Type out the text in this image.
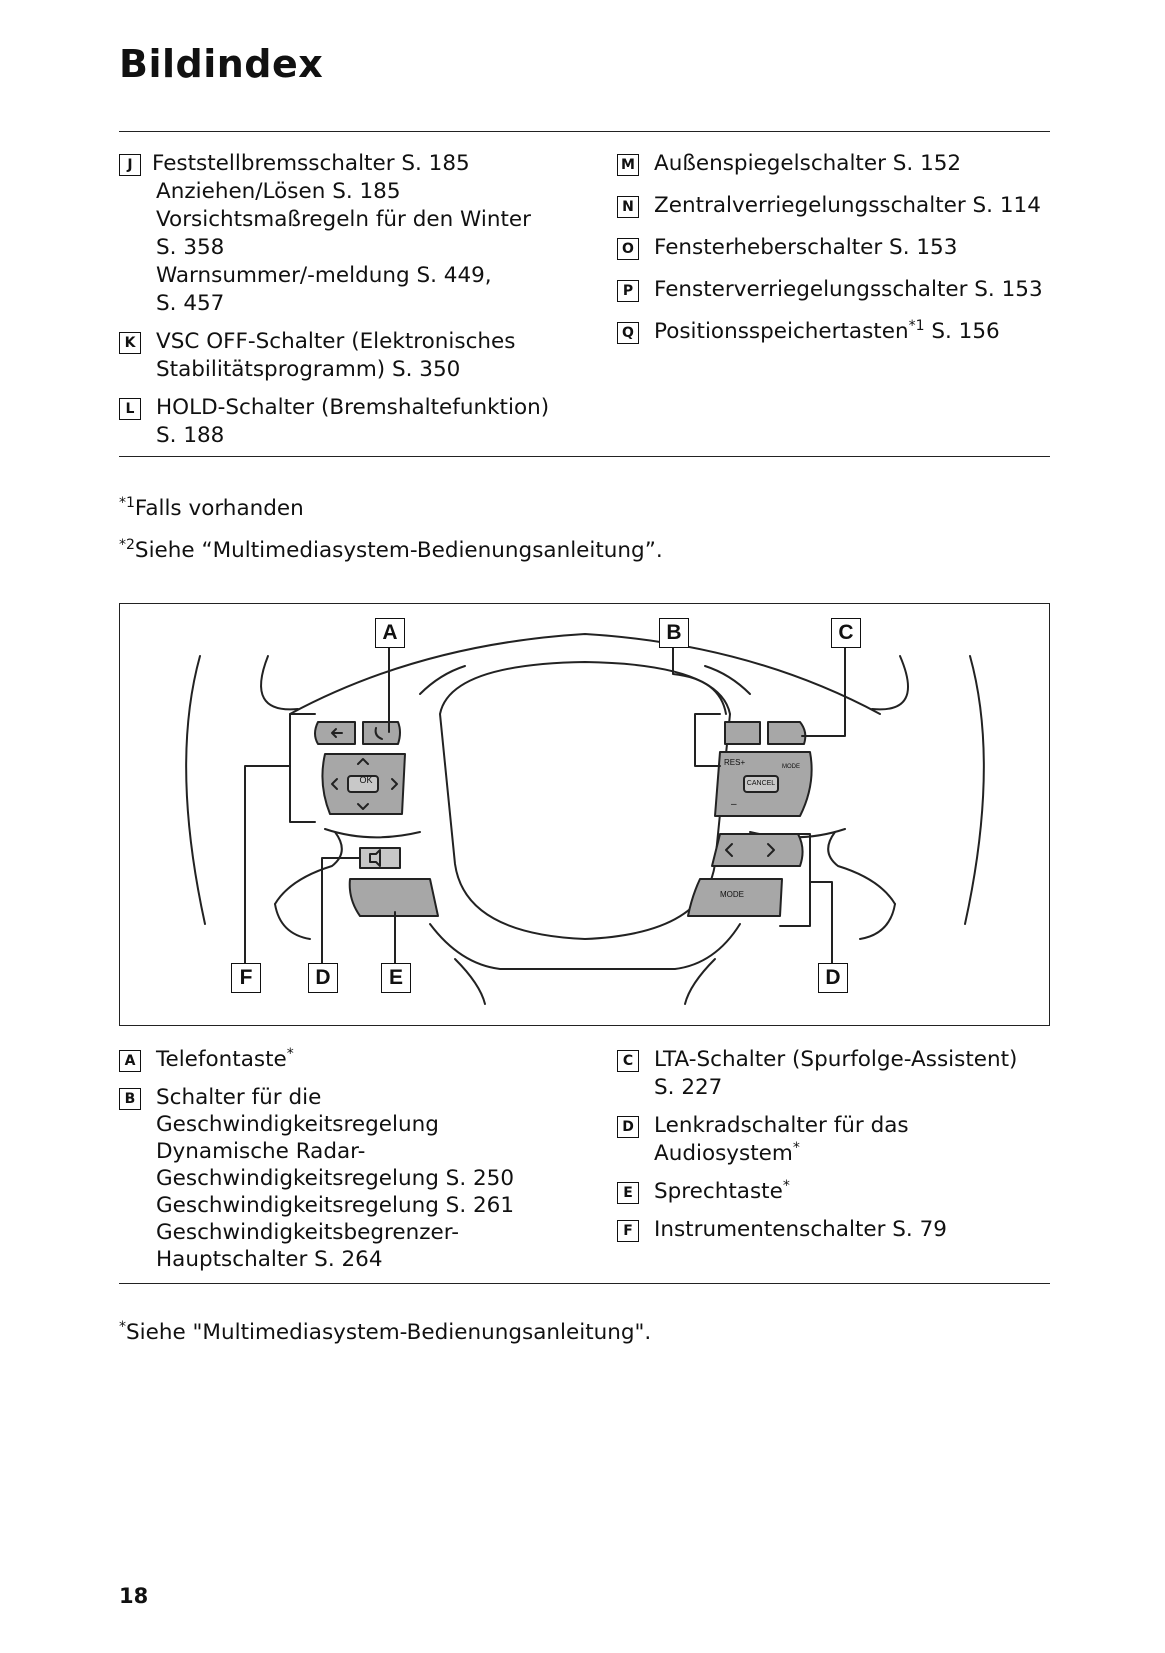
Bildindex
J Feststellbremsschalter S. 185
Anziehen/Lösen S. 185
Vorsichtsmaßregeln für den Winter
S. 358
Warnsummer/-meldung S. 449,
S. 457
K VSC OFF-Schalter (Elektronisches
Stabilitätsprogramm) S. 350
L	HOLD-Schalter (Bremshaltefunktion)
S. 188
M Außenspiegelschalter S. 152
N Zentralverriegelungsschalter S. 114
O Fensterheberschalter S. 153
P Fensterverriegelungsschalter S. 153
Q Positionsspeichertasten$^{*1}$ S. 156
$^{*1}$Falls vorhanden
$^{*2}$Siehe “Multimediasystem-Bedienungsanleitung”.
OK
RES+
CANCEL
MODE
–
MODE
A	B	C
F	D	E	D
A Telefontaste*
B Schalter für die
Geschwindigkeitsregelung
Dynamische Radar-
Geschwindigkeitsregelung S. 250
Geschwindigkeitsregelung S. 261
Geschwindigkeitsbegrenzer-
Hauptschalter S. 264
C LTA-Schalter (Spurfolge-Assistent)
S. 227
D Lenkradschalter für das
Audiosystem*
E Sprechtaste*
F Instrumentenschalter S. 79
*Siehe "Multimediasystem-Bedienungsanleitung".
18
